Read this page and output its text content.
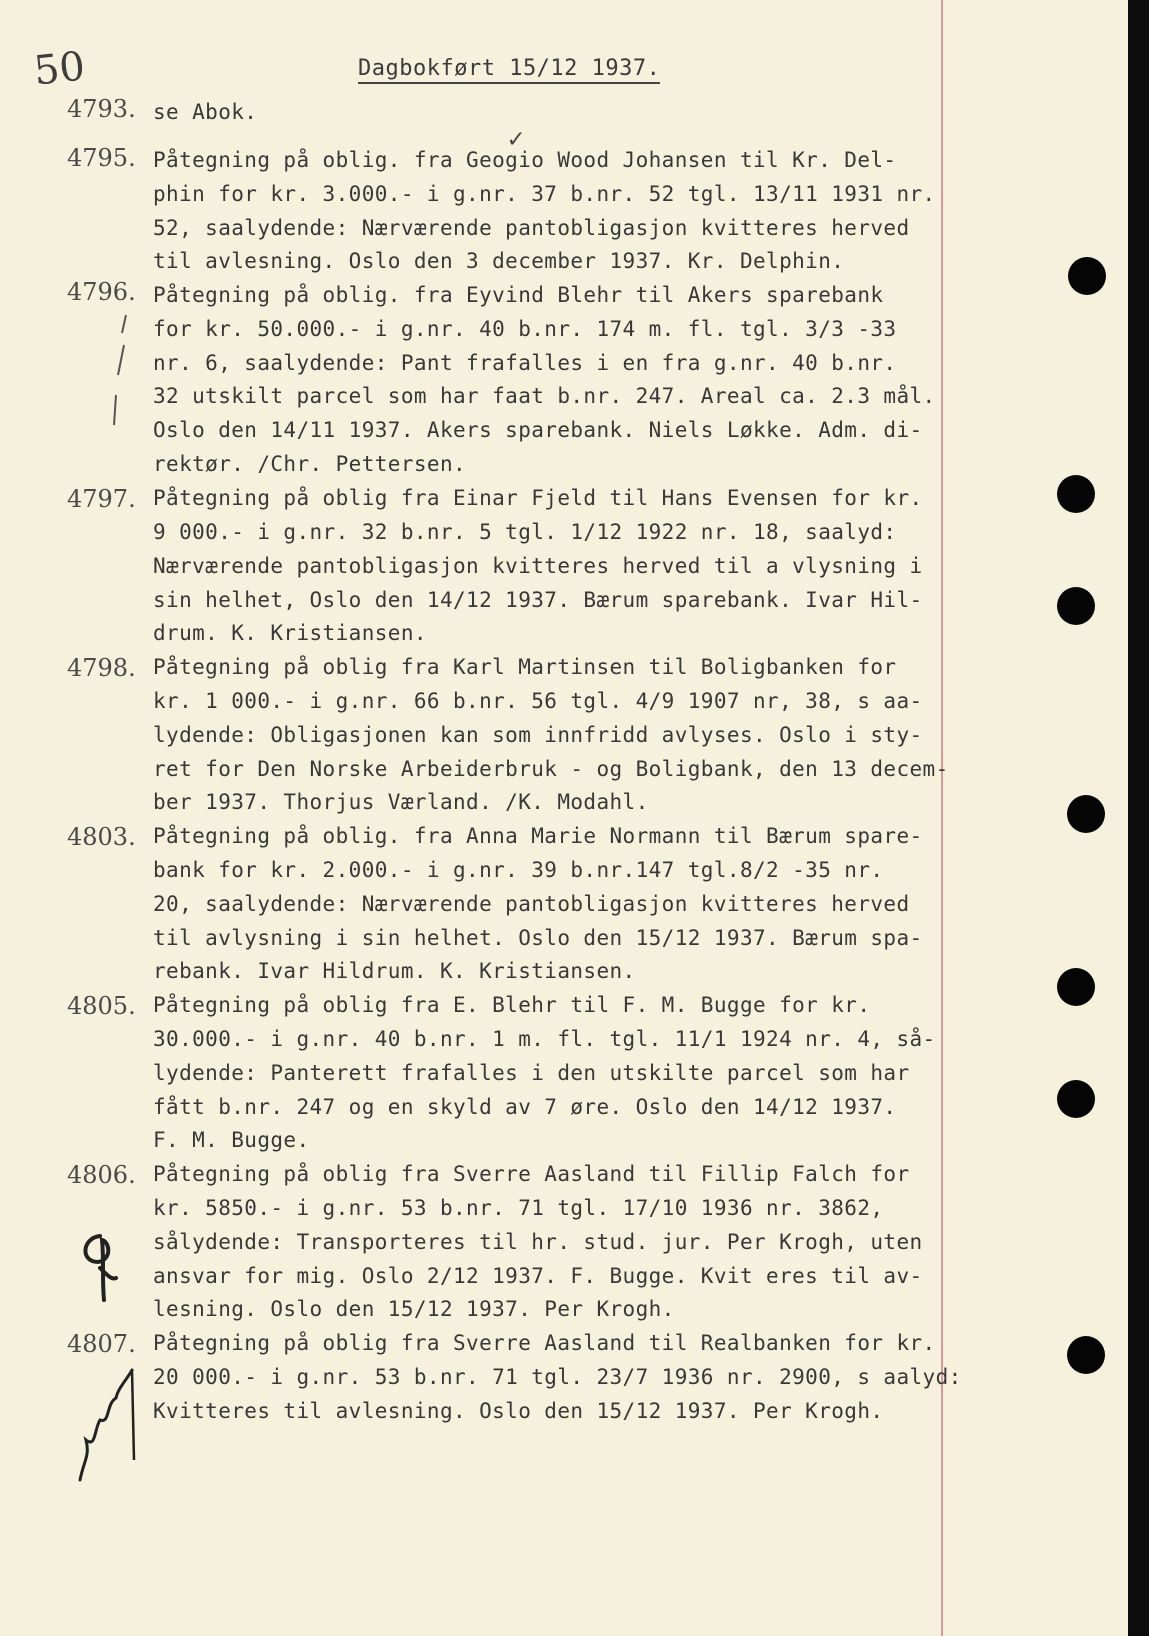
50	Dagbokført 15/12 1937.
✓
4793.
4795.
4796.
4797.
4798.
4803.
4805.
4806.
4807.
se Abok.
Påtegning på oblig. fra Geogio Wood Johansen til Kr. Del-
phin for kr. 3.000.- i g.nr. 37 b.nr. 52 tgl. 13/11 1931 nr.
52, saalydende: Nærværende pantobligasjon kvitteres herved
til avlesning. Oslo den 3 december 1937. Kr. Delphin.
Påtegning på oblig. fra Eyvind Blehr til Akers sparebank
for kr. 50.000.- i g.nr. 40 b.nr. 174 m. fl. tgl. 3/3 -33
nr. 6, saalydende: Pant frafalles i en fra g.nr. 40 b.nr.
32 utskilt parcel som har faat b.nr. 247. Areal ca. 2.3 mål.
Oslo den 14/11 1937. Akers sparebank. Niels Løkke. Adm. di-
rektør. /Chr. Pettersen.
Påtegning på oblig fra Einar Fjeld til Hans Evensen for kr.
9 000.- i g.nr. 32 b.nr. 5 tgl. 1/12 1922 nr. 18, saalyd:
Nærværende pantobligasjon kvitteres herved til a vlysning i
sin helhet, Oslo den 14/12 1937. Bærum sparebank. Ivar Hil-
drum. K. Kristiansen.
Påtegning på oblig fra Karl Martinsen til Boligbanken for
kr. 1 000.- i g.nr. 66 b.nr. 56 tgl. 4/9 1907 nr, 38, s aa-
lydende: Obligasjonen kan som innfridd avlyses. Oslo i sty-
ret for Den Norske Arbeiderbruk - og Boligbank, den 13 decem-
ber 1937. Thorjus Værland. /K. Modahl.
Påtegning på oblig. fra Anna Marie Normann til Bærum spare-
bank for kr. 2.000.- i g.nr. 39 b.nr.147 tgl.8/2 -35 nr.
20, saalydende: Nærværende pantobligasjon kvitteres herved
til avlysning i sin helhet. Oslo den 15/12 1937. Bærum spa-
rebank. Ivar Hildrum. K. Kristiansen.
Påtegning på oblig fra E. Blehr til F. M. Bugge for kr.
30.000.- i g.nr. 40 b.nr. 1 m. fl. tgl. 11/1 1924 nr. 4, så-
lydende: Panterett frafalles i den utskilte parcel som har
fått b.nr. 247 og en skyld av 7 øre. Oslo den 14/12 1937.
F. M. Bugge.
Påtegning på oblig fra Sverre Aasland til Fillip Falch for
kr. 5850.- i g.nr. 53 b.nr. 71 tgl. 17/10 1936 nr. 3862,
sålydende: Transporteres til hr. stud. jur. Per Krogh, uten
ansvar for mig. Oslo 2/12 1937. F. Bugge. Kvit eres til av-
lesning. Oslo den 15/12 1937. Per Krogh.
Påtegning på oblig fra Sverre Aasland til Realbanken for kr.
20 000.- i g.nr. 53 b.nr. 71 tgl. 23/7 1936 nr. 2900, s aalyd:
Kvitteres til avlesning. Oslo den 15/12 1937. Per Krogh.
